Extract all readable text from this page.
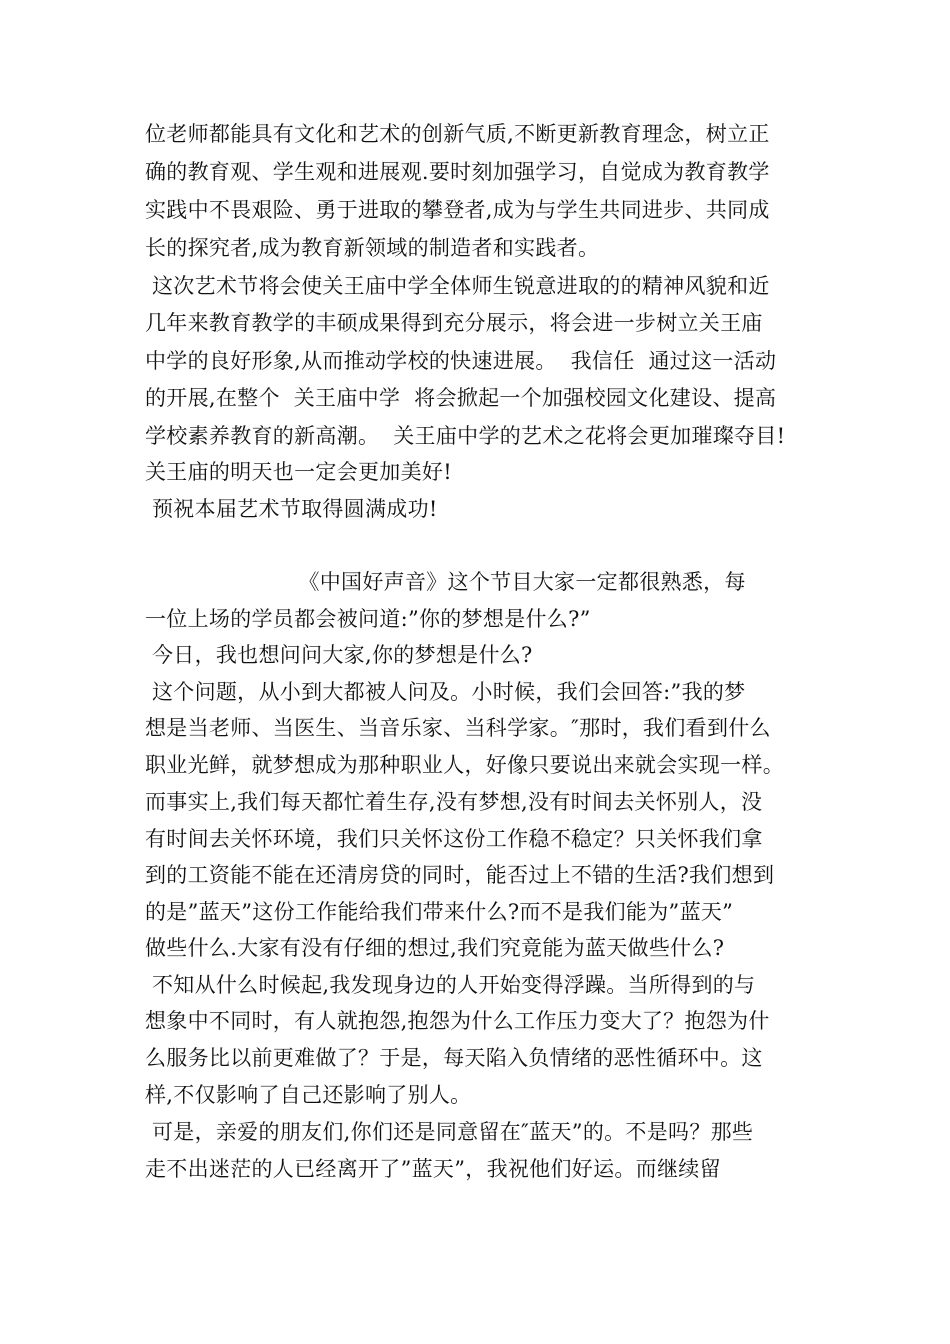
位老师都能具有文化和艺术的创新气质,不断更新教育理念，树立正
确的教育观、学生观和进展观.要时刻加强学习，自觉成为教育教学
实践中不畏艰险、勇于进取的攀登者,成为与学生共同进步、共同成
长的探究者,成为教育新领域的制造者和实践者。
这次艺术节将会使关王庙中学全体师生锐意进取的的精神风貌和近
几年来教育教学的丰硕成果得到充分展示，将会进一步树立关王庙
中学的良好形象,从而推动学校的快速进展。  我信任  通过这一活动
的开展,在整个  关王庙中学  将会掀起一个加强校园文化建设、提高
学校素养教育的新高潮。  关王庙中学的艺术之花将会更加璀璨夺目!
关王庙的明天也一定会更加美好!
预祝本届艺术节取得圆满成功!
《中国好声音》这个节目大家一定都很熟悉，每
一位上场的学员都会被问道:”你的梦想是什么?”
今日，我也想问问大家,你的梦想是什么?
这个问题，从小到大都被人问及。小时候，我们会回答:”我的梦
想是当老师、当医生、当音乐家、当科学家。″那时，我们看到什么
职业光鲜，就梦想成为那种职业人，好像只要说出来就会实现一样。
而事实上,我们每天都忙着生存,没有梦想,没有时间去关怀别人，没
有时间去关怀环境，我们只关怀这份工作稳不稳定？只关怀我们拿
到的工资能不能在还清房贷的同时，能否过上不错的生活?我们想到
的是”蓝天”这份工作能给我们带来什么?而不是我们能为”蓝天”
做些什么.大家有没有仔细的想过,我们究竟能为蓝天做些什么?
不知从什么时候起,我发现身边的人开始变得浮躁。当所得到的与
想象中不同时，有人就抱怨,抱怨为什么工作压力变大了？抱怨为什
么服务比以前更难做了？于是，每天陷入负情绪的恶性循环中。这
样,不仅影响了自己还影响了别人。
可是，亲爱的朋友们,你们还是同意留在″蓝天”的。不是吗？那些
走不出迷茫的人已经离开了”蓝天”，我祝他们好运。而继续留
